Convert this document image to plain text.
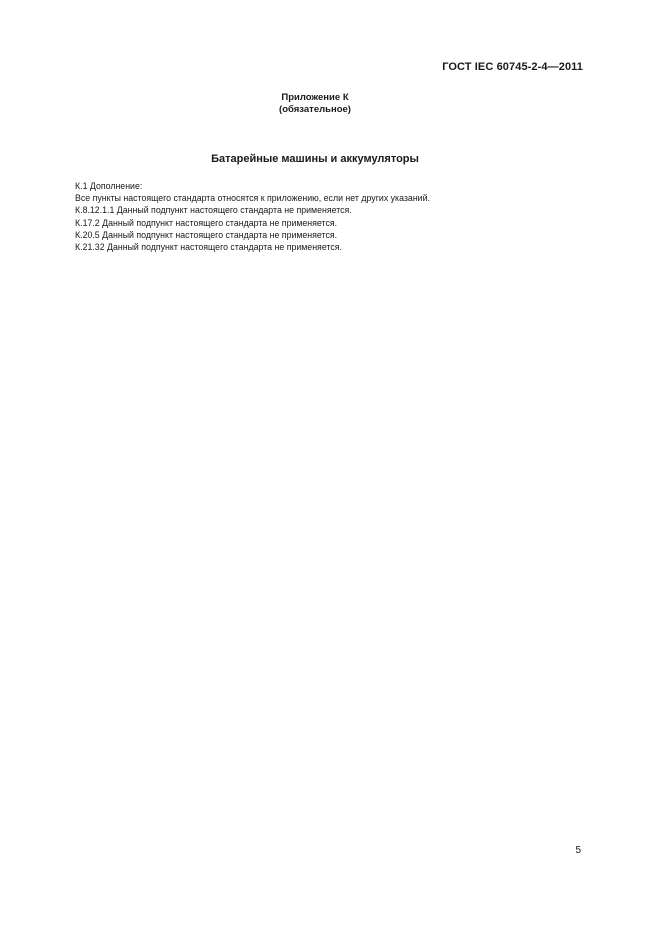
ГОСТ IEC 60745-2-4—2011
Приложение К
(обязательное)
Батарейные машины и аккумуляторы
К.1 Дополнение:
Все пункты настоящего стандарта относятся к приложению, если нет других указаний.
К.8.12.1.1 Данный подпункт настоящего стандарта не применяется.
К.17.2 Данный подпункт настоящего стандарта не применяется.
К.20.5 Данный подпункт настоящего стандарта не применяется.
К.21.32 Данный подпункт настоящего стандарта не применяется.
5
